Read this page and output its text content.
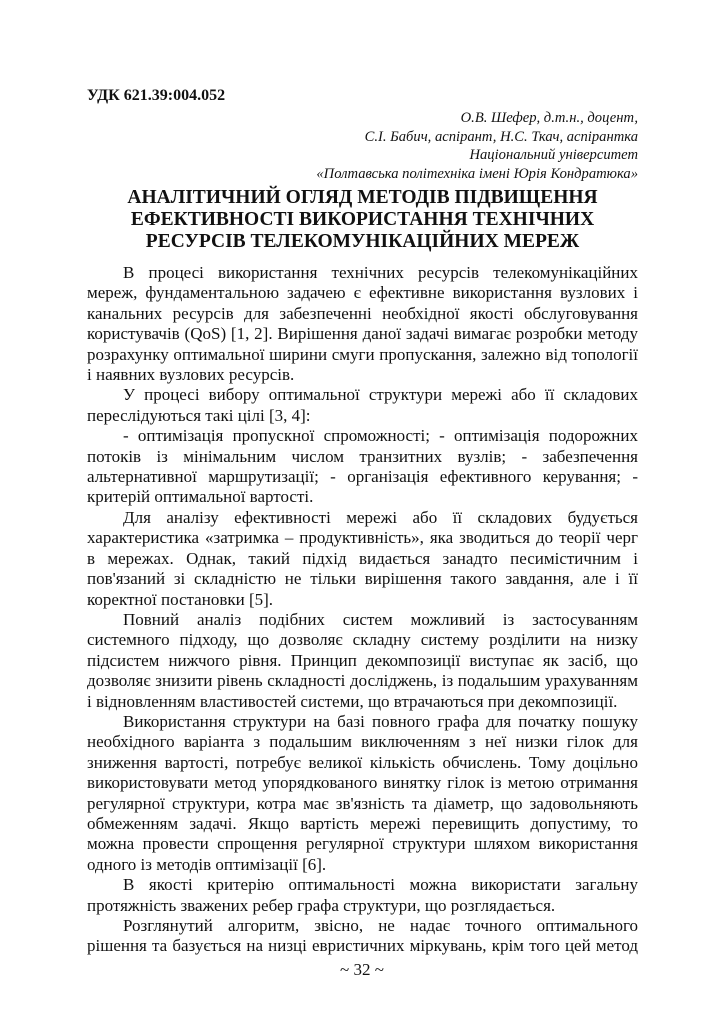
УДК 621.39:004.052
О.В. Шефер, д.т.н., доцент,
С.І. Бабич, аспірант, Н.С. Ткач, аспірантка
Національний університет
«Полтавська політехніка імені Юрія Кондратюка»
АНАЛІТИЧНИЙ ОГЛЯД МЕТОДІВ ПІДВИЩЕННЯ
ЕФЕКТИВНОСТІ ВИКОРИСТАННЯ ТЕХНІЧНИХ
РЕСУРСІВ ТЕЛЕКОМУНІКАЦІЙНИХ МЕРЕЖ
В процесі використання технічних ресурсів телекомунікаційних
мереж, фундаментальною задачею є ефективне використання вузлових і
канальних ресурсів для забезпеченні необхідної якості обслуговування
користувачів (QoS) [1, 2]. Вирішення даної задачі вимагає розробки методу
розрахунку оптимальної ширини смуги пропускання, залежно від топології
і наявних вузлових ресурсів.
У процесі вибору оптимальної структури мережі або її складових
переслідуються такі цілі [3, 4]:
- оптимізація пропускної спроможності; - оптимізація подорожних
потоків із мінімальним числом транзитних вузлів; - забезпечення
альтернативної маршрутизації; - організація ефективного керування; -
критерій оптимальної вартості.
Для аналізу ефективності мережі або її складових будується
характеристика «затримка – продуктивність», яка зводиться до теорії черг
в мережах. Однак, такий підхід видається занадто песимістичним і
пов'язаний зі складністю не тільки вирішення такого завдання, але і її
коректної постановки [5].
Повний аналіз подібних систем можливий із застосуванням
системного підходу, що дозволяє складну систему розділити на низку
підсистем нижчого рівня. Принцип декомпозиції виступає як засіб, що
дозволяє знизити рівень складності досліджень, із подальшим урахуванням
і відновленням властивостей системи, що втрачаються при декомпозиції.
Використання структури на базі повного графа для початку пошуку
необхідного варіанта з подальшим виключенням з неї низки гілок для
зниження вартості, потребує великої кількість обчислень. Тому доцільно
використовувати метод упорядкованого винятку гілок із метою отримання
регулярної структури, котра має зв'язність та діаметр, що задовольняють
обмеженням задачі. Якщо вартість мережі перевищить допустиму, то
можна провести спрощення регулярної структури шляхом використання
одного із методів оптимізації [6].
В якості критерію оптимальності можна використати загальну
протяжність зважених ребер графа структури, що розглядається.
Розглянутий алгоритм, звісно, не надає точного оптимального
рішення та базується на низці евристичних міркувань, крім того цей метод
~ 32 ~
